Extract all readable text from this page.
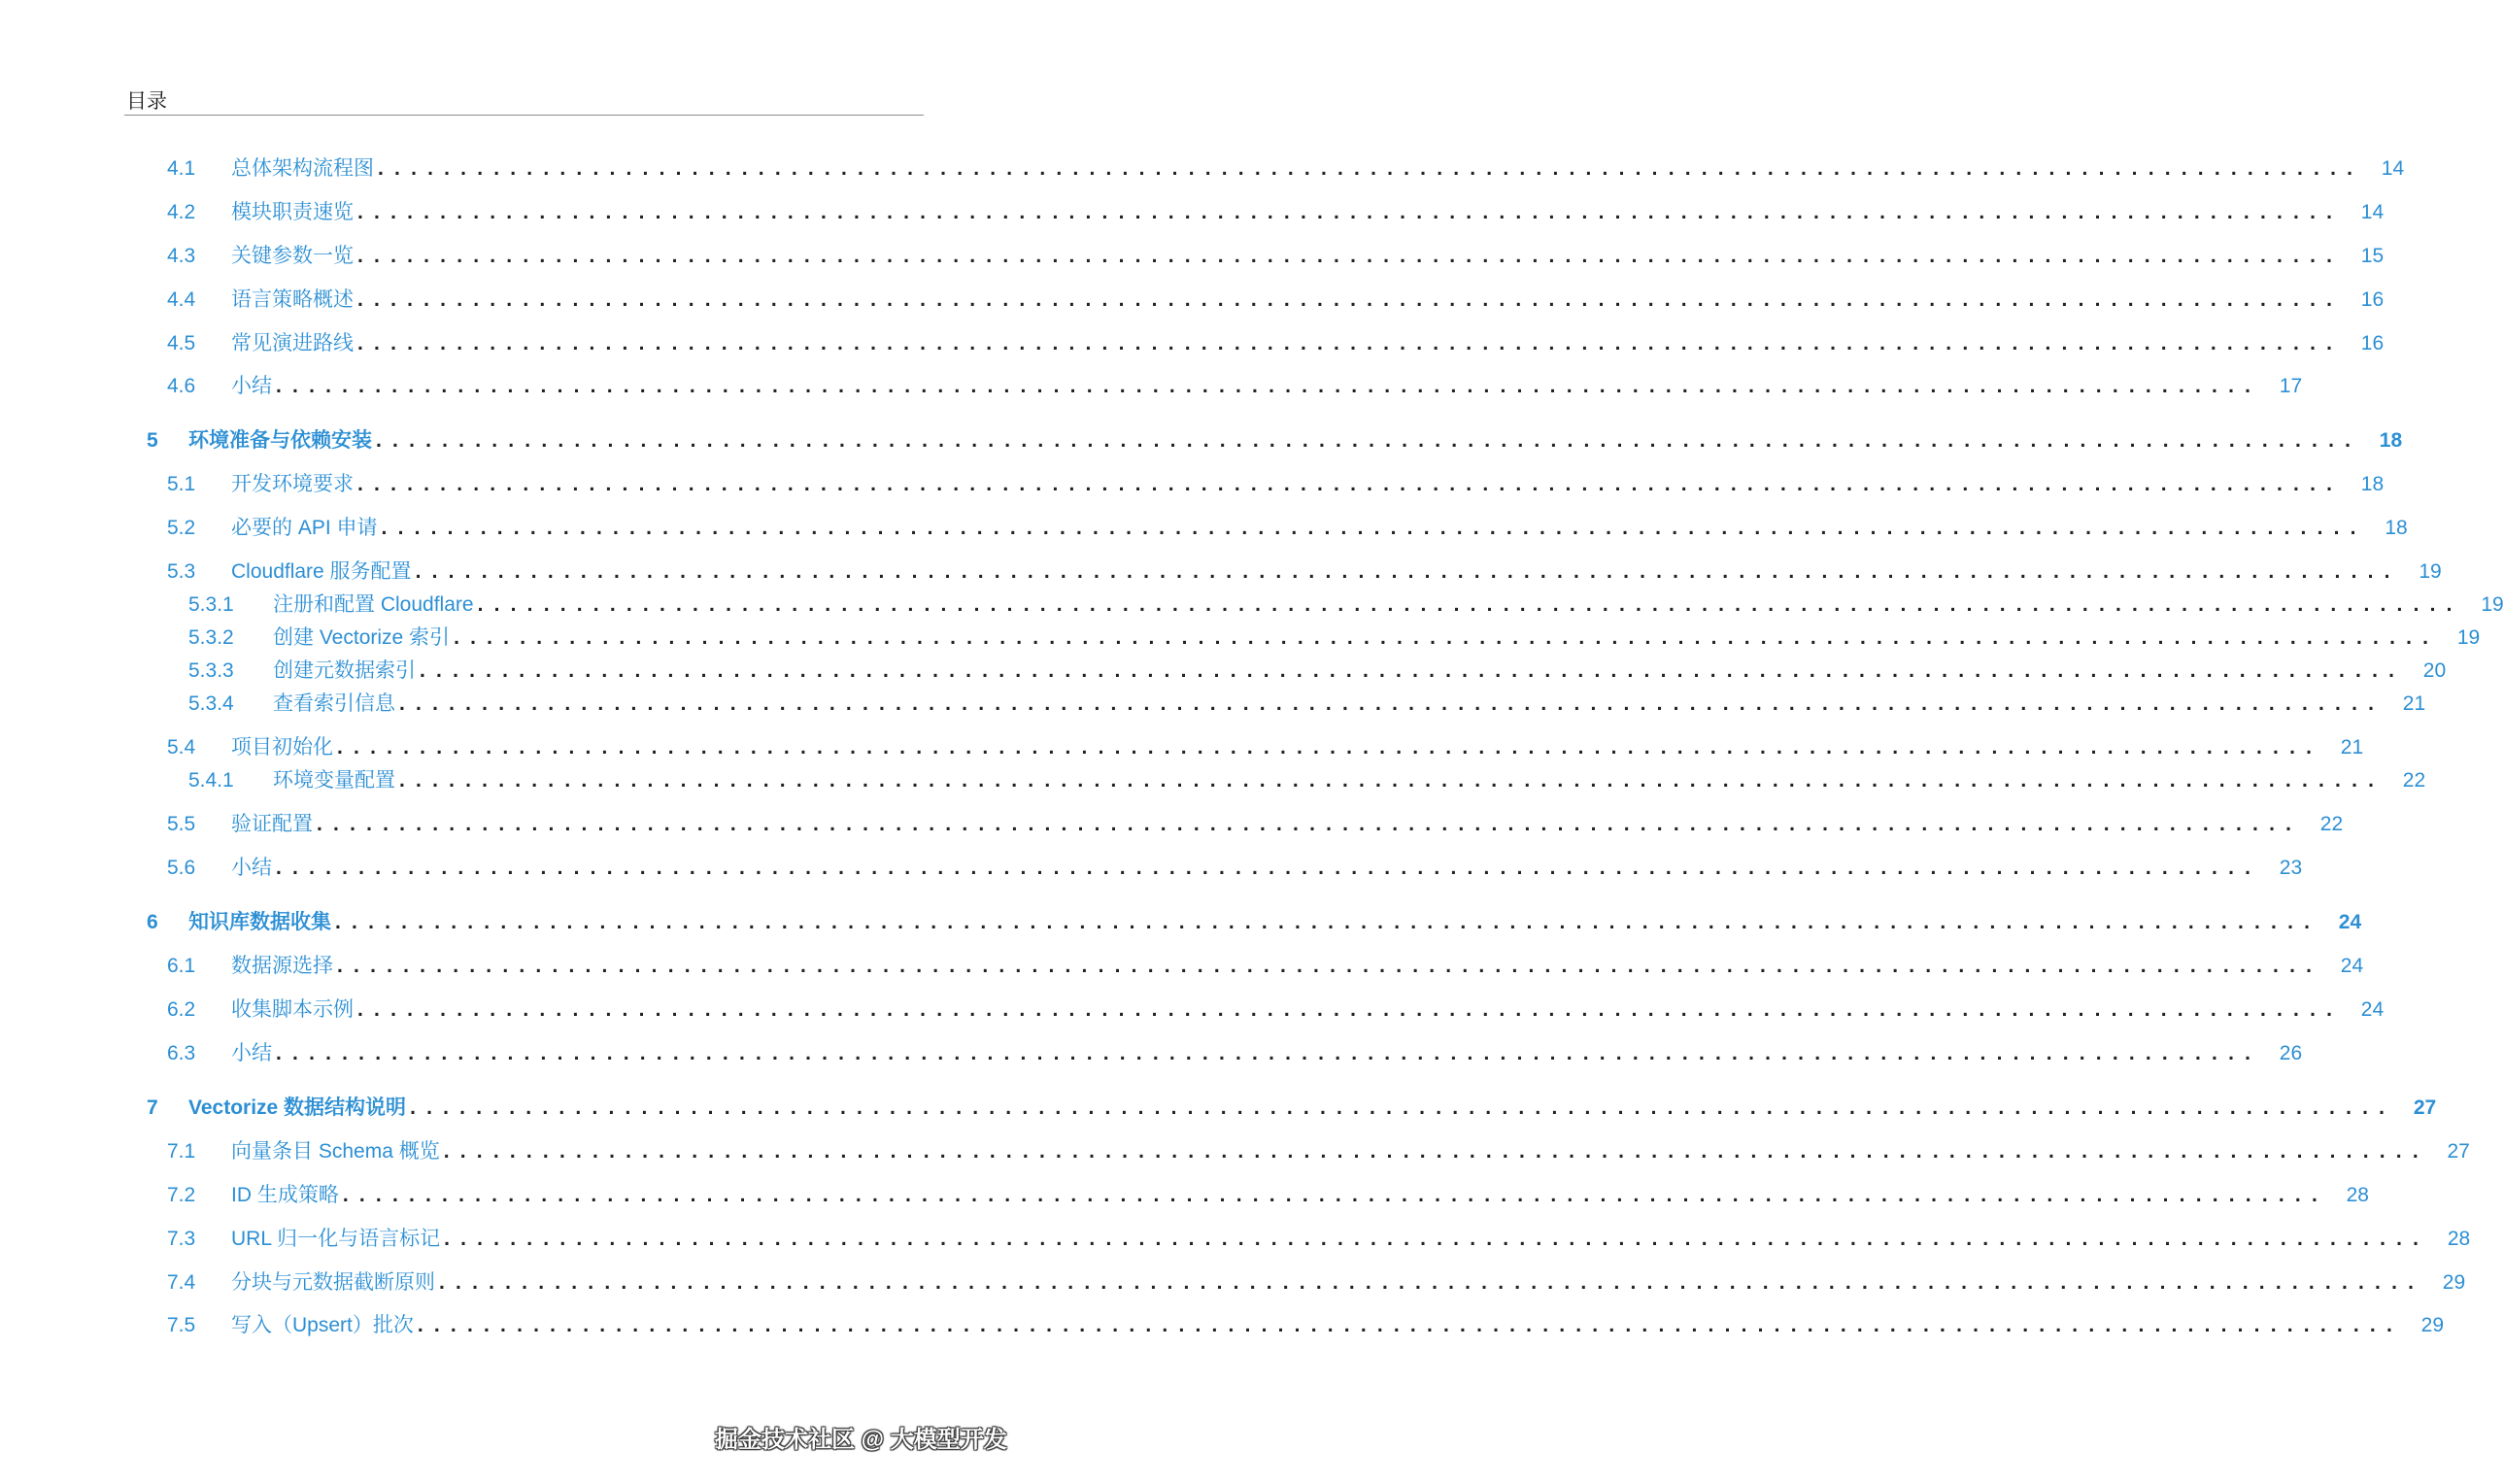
目录
4.1	总体架构流程图 ........................................................................................................................ 14
4.2	模块职责速览 ........................................................................................................................ 14
4.3	关键参数一览 ........................................................................................................................ 15
4.4	语言策略概述 ........................................................................................................................ 16
4.5	常见演进路线 ........................................................................................................................ 16
4.6	小结 ........................................................................................................................ 17
5	环境准备与依赖安装 ........................................................................................................................ 18
5.1	开发环境要求 ........................................................................................................................ 18
5.2	必要的 API 申请 ........................................................................................................................ 18
5.3	Cloudflare 服务配置 ........................................................................................................................ 19
5.3.1	注册和配置 Cloudflare ........................................................................................................................ 19
5.3.2	创建 Vectorize 索引 ........................................................................................................................ 19
5.3.3	创建元数据索引 ........................................................................................................................ 20
5.3.4	查看索引信息 ........................................................................................................................ 21
5.4	项目初始化 ........................................................................................................................ 21
5.4.1	环境变量配置 ........................................................................................................................ 22
5.5	验证配置 ........................................................................................................................ 22
5.6	小结 ........................................................................................................................ 23
6	知识库数据收集 ........................................................................................................................ 24
6.1	数据源选择 ........................................................................................................................ 24
6.2	收集脚本示例 ........................................................................................................................ 24
6.3	小结 ........................................................................................................................ 26
7	Vectorize 数据结构说明 ........................................................................................................................ 27
7.1	向量条目 Schema 概览 ........................................................................................................................ 27
7.2	ID 生成策略 ........................................................................................................................ 28
7.3	URL 归一化与语言标记 ........................................................................................................................ 28
7.4	分块与元数据截断原则 ........................................................................................................................ 29
7.5	写入（Upsert）批次 ........................................................................................................................ 29
掘金技术社区 @ 大模型开发
